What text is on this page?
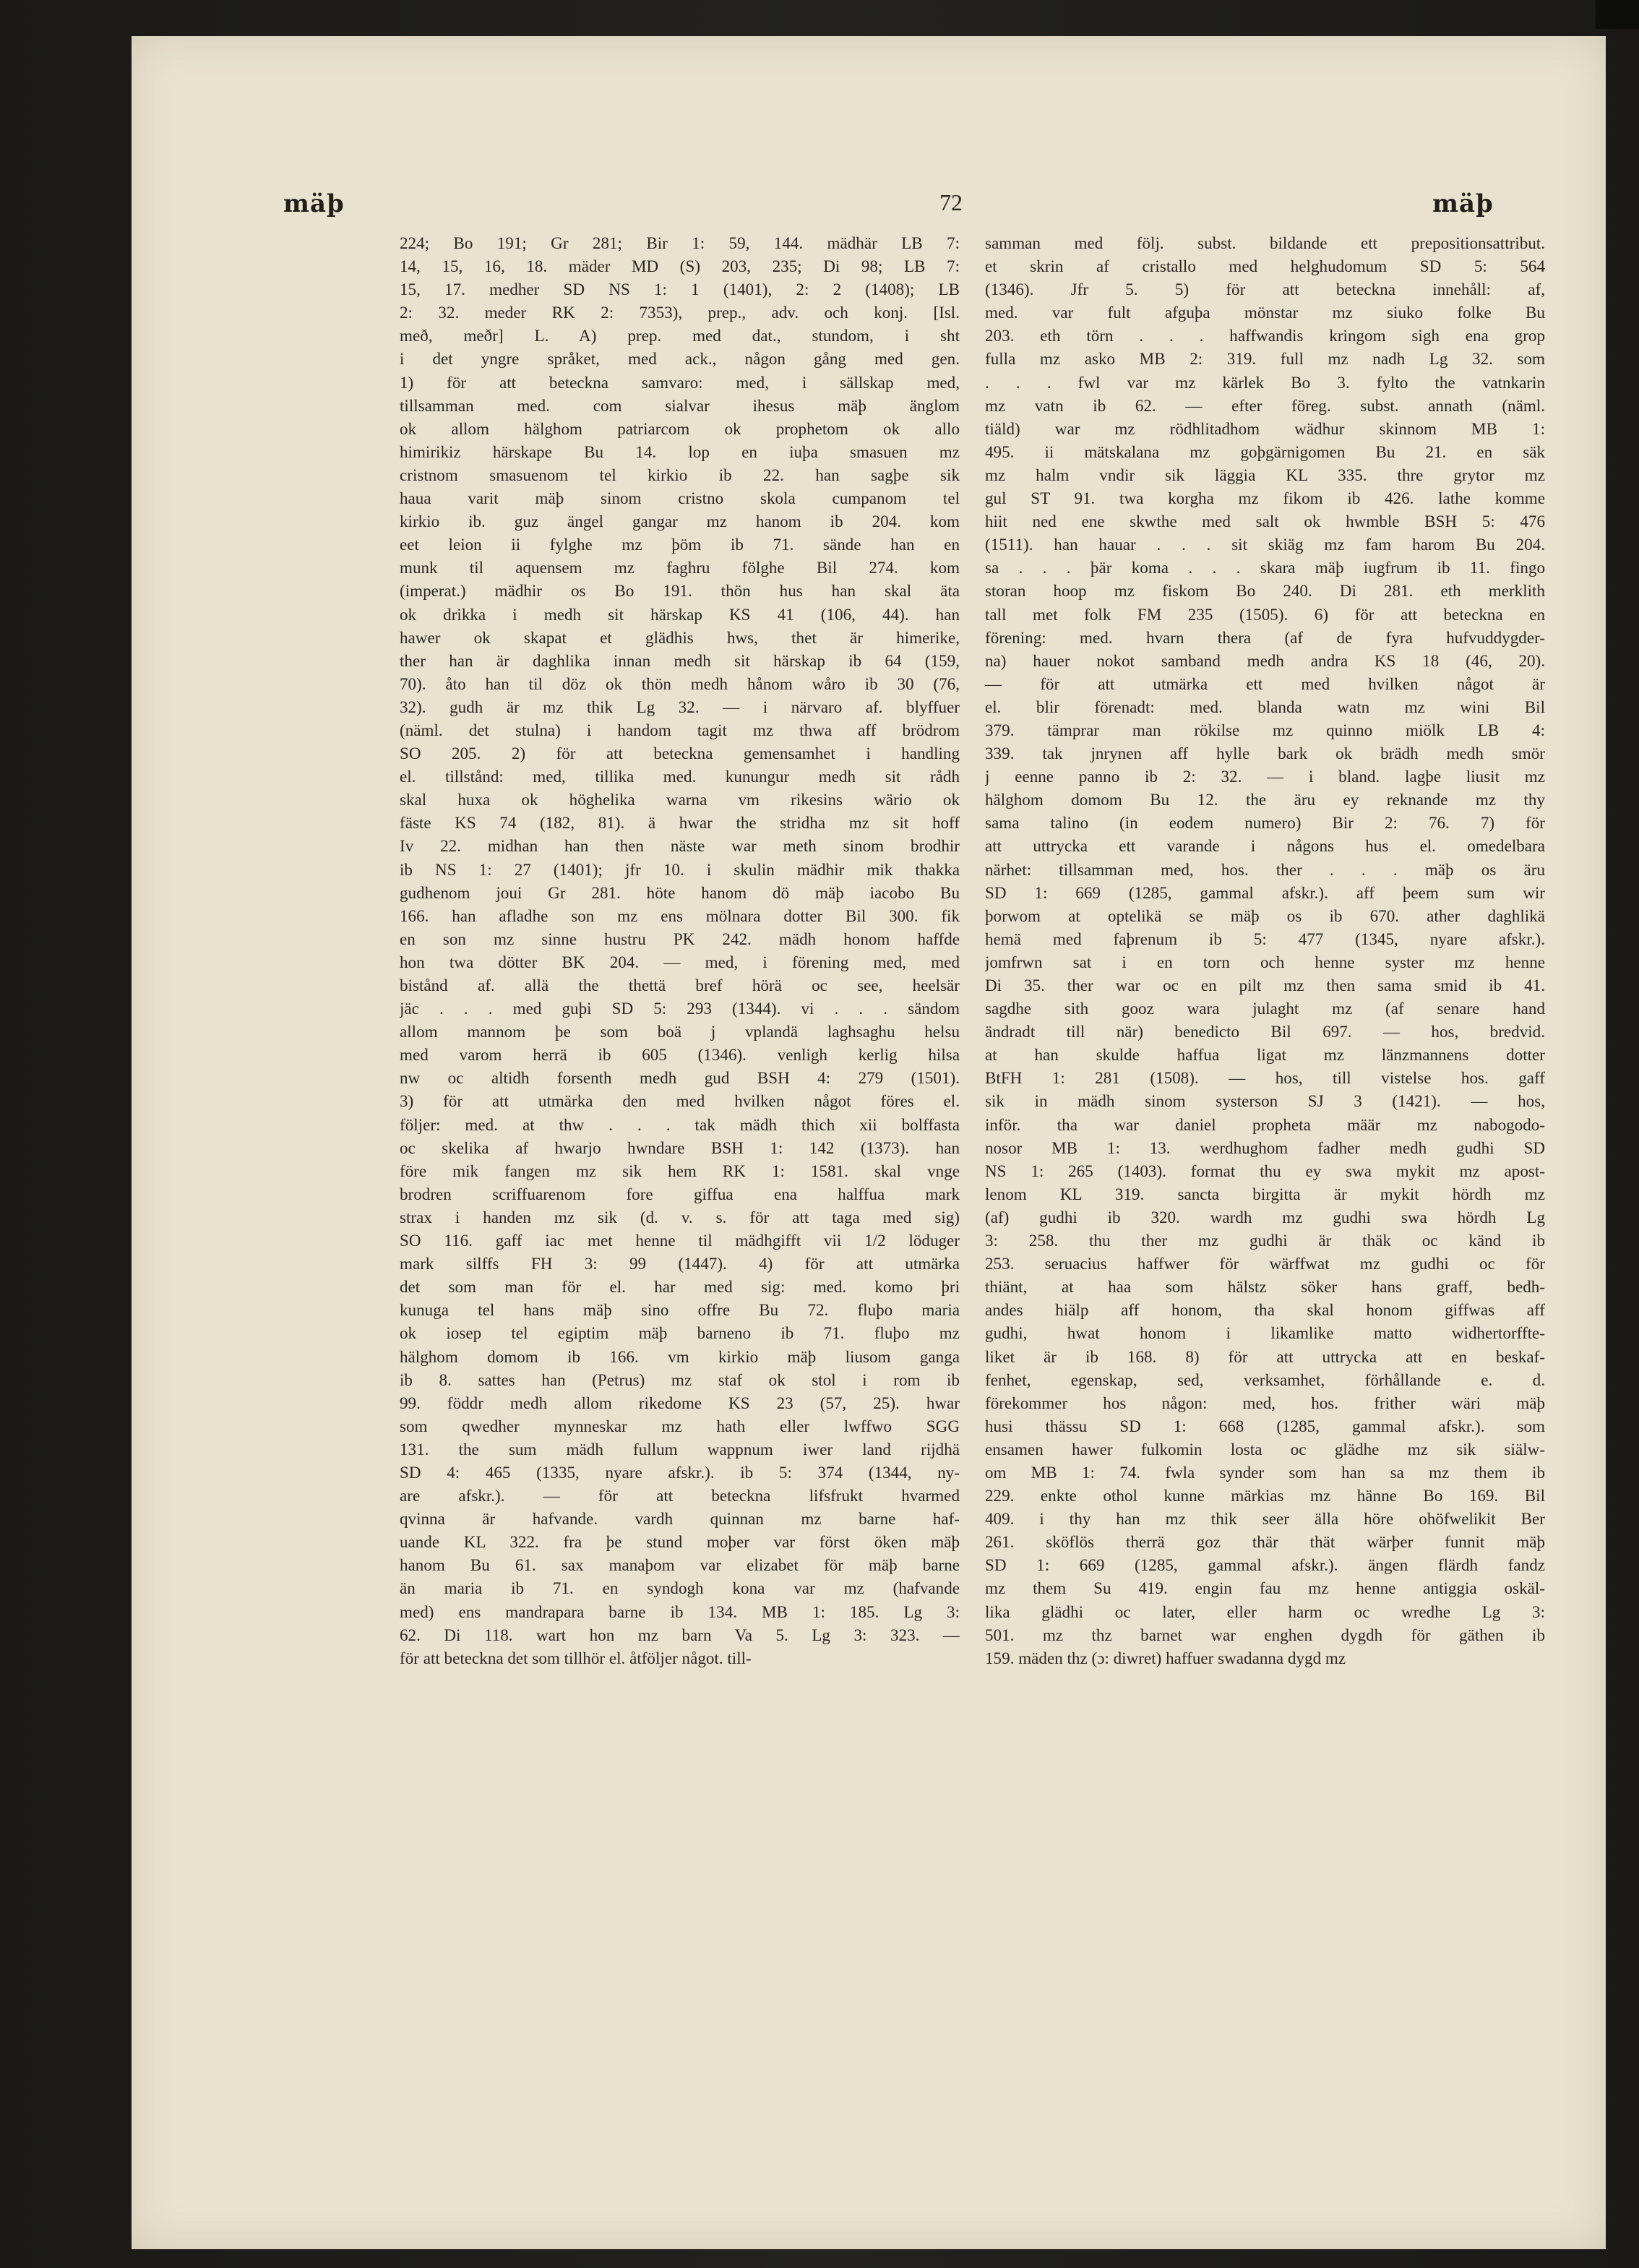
mäþ	72	mäþ
224; Bo 191; Gr 281; Bir 1: 59, 144. mädhär LB 7:
14, 15, 16, 18. mäder MD (S) 203, 235; Di 98; LB 7:
15, 17. medher SD NS 1: 1 (1401), 2: 2 (1408); LB
2: 32. meder RK 2: 7353), prep., adv. och konj. [Isl.
með, meðr] L. A) prep. med dat., stundom, i sht
i det yngre språket, med ack., någon gång med gen.
1) för att beteckna samvaro: med, i sällskap med,
tillsamman med. com sialvar ihesus mäþ änglom
ok allom hälghom patriarcom ok prophetom ok allo
himirikiz härskape Bu 14. lop en iuþa smasuen mz
cristnom smasuenom tel kirkio ib 22. han sagþe sik
haua varit mäþ sinom cristno skola cumpanom tel
kirkio ib. guz ängel gangar mz hanom ib 204. kom
eet leion ii fylghe mz þöm ib 71. sände han en
munk til aquensem mz faghru fölghe Bil 274. kom
(imperat.) mädhir os Bo 191. thön hus han skal äta
ok drikka i medh sit härskap KS 41 (106, 44). han
hawer ok skapat et glädhis hws, thet är himerike,
ther han är daghlika innan medh sit härskap ib 64 (159,
70). åto han til döz ok thön medh hånom wåro ib 30 (76,
32). gudh är mz thik Lg 32. — i närvaro af. blyffuer
(näml. det stulna) i handom tagit mz thwa aff brödrom
SO 205. 2) för att beteckna gemensamhet i handling
el. tillstånd: med, tillika med. kunungur medh sit rådh
skal huxa ok höghelika warna vm rikesins wärio ok
fäste KS 74 (182, 81). ä hwar the stridha mz sit hoff
Iv 22. midhan han then näste war meth sinom brodhir
ib NS 1: 27 (1401); jfr 10. i skulin mädhir mik thakka
gudhenom joui Gr 281. höte hanom dö mäþ iacobo Bu
166. han afladhe son mz ens mölnara dotter Bil 300. fik
en son mz sinne hustru PK 242. mädh honom haffde
hon twa dötter BK 204. — med, i förening med, med
bistånd af. allä the thettä bref hörä oc see, heelsär
jäc . . . med guþi SD 5: 293 (1344). vi . . . sändom
allom mannom þe som boä j vplandä laghsaghu helsu
med varom herrä ib 605 (1346). venligh kerlig hilsa
nw oc altidh forsenth medh gud BSH 4: 279 (1501).
3) för att utmärka den med hvilken något föres el.
följer: med. at thw . . . tak mädh thich xii bolffasta
oc skelika af hwarjo hwndare BSH 1: 142 (1373). han
före mik fangen mz sik hem RK 1: 1581. skal vnge
brodren scriffuarenom fore giffua ena halffua mark
strax i handen mz sik (d. v. s. för att taga med sig)
SO 116. gaff iac met henne til mädhgifft vii 1/2 löduger
mark silffs FH 3: 99 (1447). 4) för att utmärka
det som man för el. har med sig: med. komo þri
kunuga tel hans mäþ sino offre Bu 72. fluþo maria
ok iosep tel egiptim mäþ barneno ib 71. fluþo mz
hälghom domom ib 166. vm kirkio mäþ liusom ganga
ib 8. sattes han (Petrus) mz staf ok stol i rom ib
99. föddr medh allom rikedome KS 23 (57, 25). hwar
som qwedher mynneskar mz hath eller lwffwo SGG
131. the sum mädh fullum wappnum iwer land rijdhä
SD 4: 465 (1335, nyare afskr.). ib 5: 374 (1344, ny-
are afskr.). — för att beteckna lifsfrukt hvarmed
qvinna är hafvande. vardh quinnan mz barne haf-
uande KL 322. fra þe stund moþer var först öken mäþ
hanom Bu 61. sax manaþom var elizabet för mäþ barne
än maria ib 71. en syndogh kona var mz (hafvande
med) ens mandrapara barne ib 134. MB 1: 185. Lg 3:
62. Di 118. wart hon mz barn Va 5. Lg 3: 323. —
för att beteckna det som tillhör el. åtföljer något. till-
samman med följ. subst. bildande ett prepositionsattribut.
et skrin af cristallo med helghudomum SD 5: 564
(1346). Jfr 5. 5) för att beteckna innehåll: af,
med. var fult afguþa mönstar mz siuko folke Bu
203. eth törn . . . haffwandis kringom sigh ena grop
fulla mz asko MB 2: 319. full mz nadh Lg 32. som
. . . fwl var mz kärlek Bo 3. fylto the vatnkarin
mz vatn ib 62. — efter föreg. subst. annath (näml.
tiäld) war mz rödhlitadhom wädhur skinnom MB 1:
495. ii mätskalana mz goþgärnigomen Bu 21. en säk
mz halm vndir sik läggia KL 335. thre grytor mz
gul ST 91. twa korgha mz fikom ib 426. lathe komme
hiit ned ene skwthe med salt ok hwmble BSH 5: 476
(1511). han hauar . . . sit skiäg mz fam harom Bu 204.
sa . . . þär koma . . . skara mäþ iugfrum ib 11. fingo
storan hoop mz fiskom Bo 240. Di 281. eth merklith
tall met folk FM 235 (1505). 6) för att beteckna en
förening: med. hvarn thera (af de fyra hufvuddygder-
na) hauer nokot samband medh andra KS 18 (46, 20).
— för att utmärka ett med hvilken något är
el. blir förenadt: med. blanda watn mz wini Bil
379. tämprar man rökilse mz quinno miölk LB 4:
339. tak jnrynen aff hylle bark ok brädh medh smör
j eenne panno ib 2: 32. — i bland. lagþe liusit mz
hälghom domom Bu 12. the äru ey reknande mz thy
sama talino (in eodem numero) Bir 2: 76. 7) för
att uttrycka ett varande i någons hus el. omedelbara
närhet: tillsamman med, hos. ther . . . mäþ os äru
SD 1: 669 (1285, gammal afskr.). aff þeem sum wir
þorwom at optelikä se mäþ os ib 670. ather daghlikä
hemä med faþrenum ib 5: 477 (1345, nyare afskr.).
jomfrwn sat i en torn och henne syster mz henne
Di 35. ther war oc en pilt mz then sama smid ib 41.
sagdhe sith gooz wara julaght mz (af senare hand
ändradt till när) benedicto Bil 697. — hos, bredvid.
at han skulde haffua ligat mz länzmannens dotter
BtFH 1: 281 (1508). — hos, till vistelse hos. gaff
sik in mädh sinom systerson SJ 3 (1421). — hos,
inför. tha war daniel propheta määr mz nabogodo-
nosor MB 1: 13. werdhughom fadher medh gudhi SD
NS 1: 265 (1403). format thu ey swa mykit mz apost-
lenom KL 319. sancta birgitta är mykit hördh mz
(af) gudhi ib 320. wardh mz gudhi swa hördh Lg
3: 258. thu ther mz gudhi är thäk oc känd ib
253. seruacius haffwer för wärffwat mz gudhi oc för
thiänt, at haa som hälstz söker hans graff, bedh-
andes hiälp aff honom, tha skal honom giffwas aff
gudhi, hwat honom i likamlike matto widhertorffte-
liket är ib 168. 8) för att uttrycka att en beskaf-
fenhet, egenskap, sed, verksamhet, förhållande e. d.
förekommer hos någon: med, hos. frither wäri mäþ
husi thässu SD 1: 668 (1285, gammal afskr.). som
ensamen hawer fulkomin losta oc glädhe mz sik siälw-
om MB 1: 74. fwla synder som han sa mz them ib
229. enkte othol kunne märkias mz hänne Bo 169. Bil
409. i thy han mz thik seer älla höre ohöfwelikit Ber
261. sköflös therrä goz thär thät wärþer funnit mäþ
SD 1: 669 (1285, gammal afskr.). ängen flärdh fandz
mz them Su 419. engin fau mz henne antiggia oskäl-
lika glädhi oc later, eller harm oc wredhe Lg 3:
501. mz thz barnet war enghen dygdh för gäthen ib
159. mäden thz (ɔ: diwret) haffuer swadanna dygd mz
